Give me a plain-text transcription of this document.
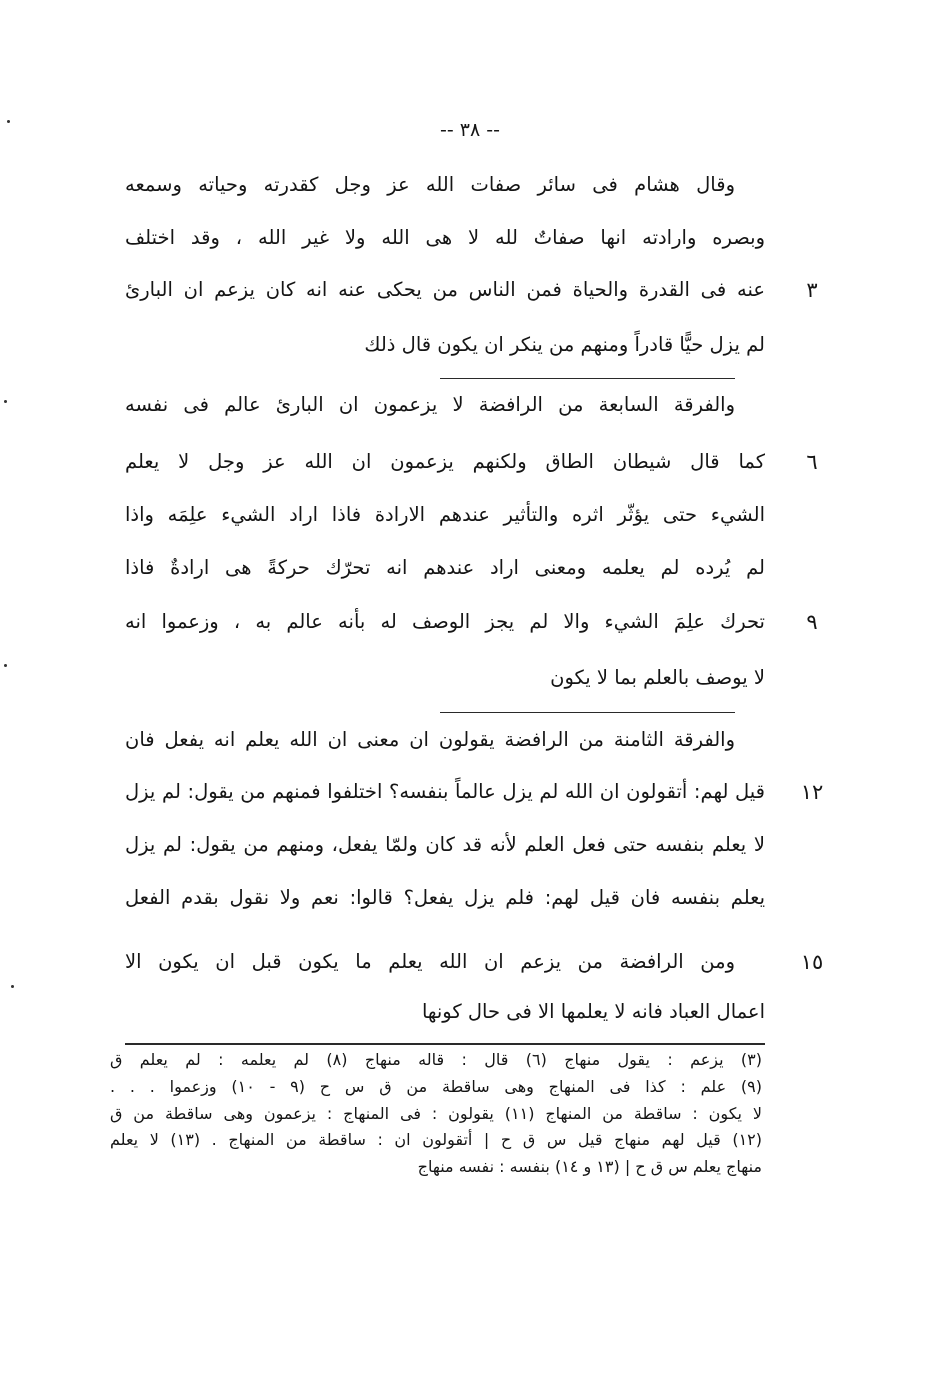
-- ٣٨ --
وقال هشام فى سائر صفات الله عز وجل كقدرته وحياته وسمعه
وبصره وارادته انها صفاتٌ لله لا هى الله ولا غير الله ، وقد اختلف
عنه فى القدرة والحياة فمن الناس من يحكى عنه انه كان يزعم ان البارئ
لم يزل حيًّا قادراً ومنهم من ينكر ان يكون قال ذلك
والفرقة السابعة من الرافضة لا يزعمون ان البارئ عالم فى نفسه
كما قال شيطان الطاق ولكنهم يزعمون ان الله عز وجل لا يعلم
الشيء حتى يؤثّر اثره والتأثير عندهم الارادة فاذا اراد الشيء علِمَه واذا
لم يُرده لم يعلمه ومعنى اراد عندهم انه تحرّك حركةً هى ارادةٌ فاذا
تحرك علِمَ الشيء والا لم يجز الوصف له بأنه عالم به ، وزعموا انه
لا يوصف بالعلم بما لا يكون
والفرقة الثامنة من الرافضة يقولون ان معنى ان الله يعلم انه يفعل فان
قيل لهم: أتقولون ان الله لم يزل عالماً بنفسه؟ اختلفوا فمنهم من يقول: لم يزل
لا يعلم بنفسه حتى فعل العلم لأنه قد كان ولمّا يفعل، ومنهم من يقول: لم يزل
يعلم بنفسه فان قيل لهم: فلم يزل يفعل؟ قالوا: نعم ولا نقول بقدم الفعل
ومن الرافضة من يزعم ان الله يعلم ما يكون قبل ان يكون الا
اعمال العباد فانه لا يعلمها الا فى حال كونها
٣
٦
٩
١٢
١٥
(٣) يزعم : يقول منهاج (٦) قال : قاله منهاج (٨) لم يعلمه : لم يعلم ق
(٩) علم : كذا فى المنهاج وهى ساقطة من ق س ح (٩ - ١٠) وزعموا . . .
لا يكون : ساقطة من المنهاج (١١) يقولون : فى المنهاج : يزعمون وهى ساقطة من ق
(١٢) قيل لهم منهاج قيل س ق ح | أتقولون ان : ساقطة من المنهاج . (١٣) لا يعلم
منهاج يعلم س ق ح | (١٣ و ١٤) بنفسه : نفسه منهاج
